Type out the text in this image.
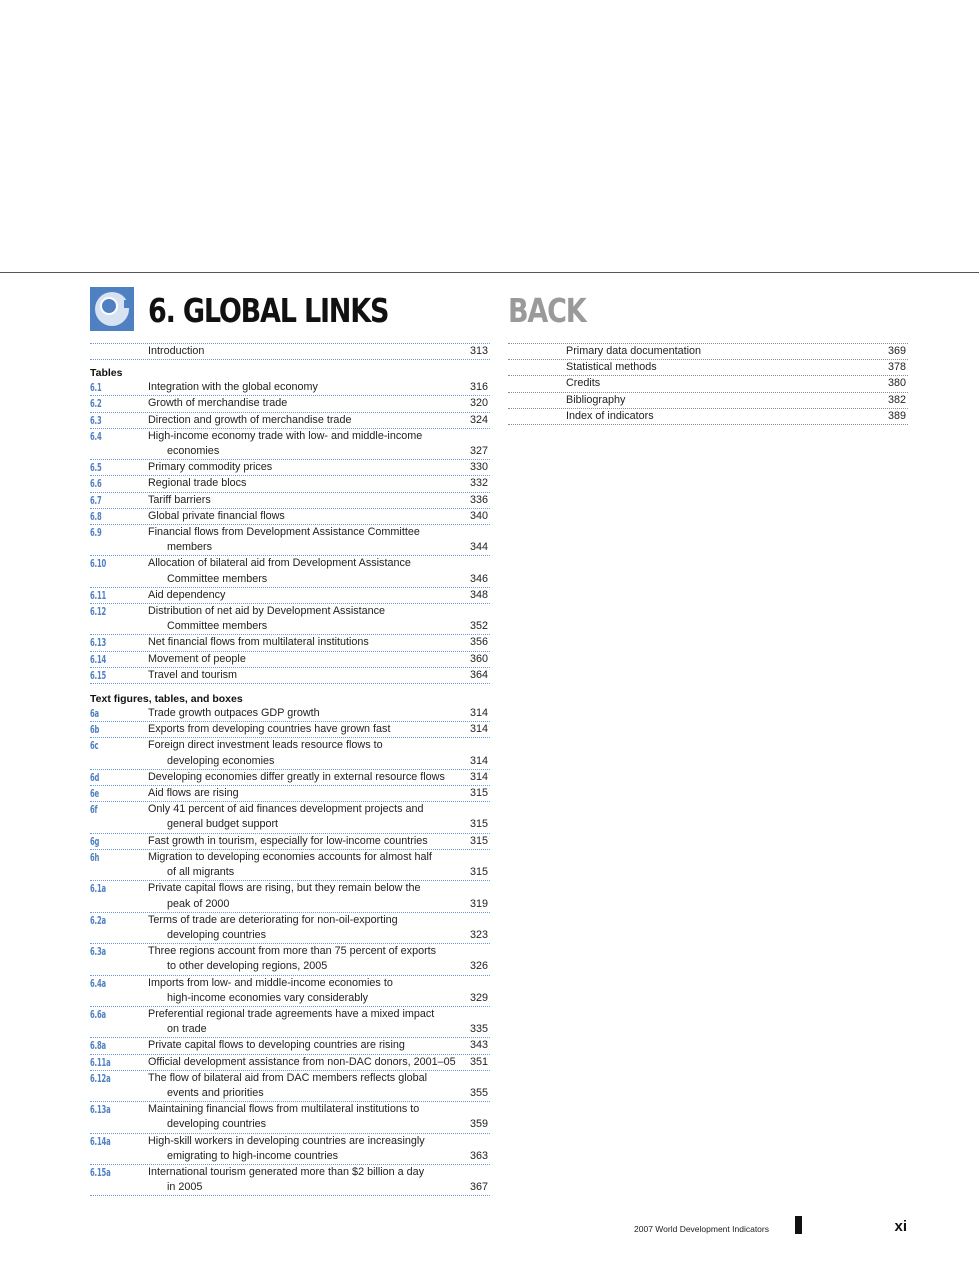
6. GLOBAL LINKS
Introduction	313
Tables
6.1	Integration with the global economy	316
6.2	Growth of merchandise trade	320
6.3	Direction and growth of merchandise trade	324
6.4	High-income economy trade with low- and middle-income
economies	327
6.5	Primary commodity prices	330
6.6	Regional trade blocs	332
6.7	Tariff barriers	336
6.8	Global private financial flows	340
6.9	Financial flows from Development Assistance Committee
members	344
6.10	Allocation of bilateral aid from Development Assistance
Committee members	346
6.11	Aid dependency	348
6.12	Distribution of net aid by Development Assistance
Committee members	352
6.13	Net financial flows from multilateral institutions	356
6.14	Movement of people	360
6.15	Travel and tourism	364
Text figures, tables, and boxes
6a	Trade growth outpaces GDP growth	314
6b	Exports from developing countries have grown fast	314
6c	Foreign direct investment leads resource flows to
developing economies	314
6d	Developing economies differ greatly in external resource flows	314
6e	Aid flows are rising	315
6f	Only 41 percent of aid finances development projects and
general budget support	315
6g	Fast growth in tourism, especially for low-income countries	315
6h	Migration to developing economies accounts for almost half
of all migrants	315
6.1a	Private capital flows are rising, but they remain below the
peak of 2000	319
6.2a	Terms of trade are deteriorating for non-oil-exporting
developing countries	323
6.3a	Three regions account from more than 75 percent of exports
to other developing regions, 2005	326
6.4a	Imports from low- and middle-income economies to
high-income economies vary considerably	329
6.6a	Preferential regional trade agreements have a mixed impact
on trade	335
6.8a	Private capital flows to developing countries are rising	343
6.11a	Official development assistance from non-DAC donors, 2001–05 351
6.12a	The flow of bilateral aid from DAC members reflects global
events and priorities	355
6.13a	Maintaining financial flows from multilateral institutions to
developing countries	359
6.14a	High-skill workers in developing countries are increasingly
emigrating to high-income countries	363
6.15a	International tourism generated more than $2 billion a day
in 2005	367
BACK
Primary data documentation	369
Statistical methods	378
Credits	380
Bibliography	382
Index of indicators	389
2007 World Development Indicators	xi
